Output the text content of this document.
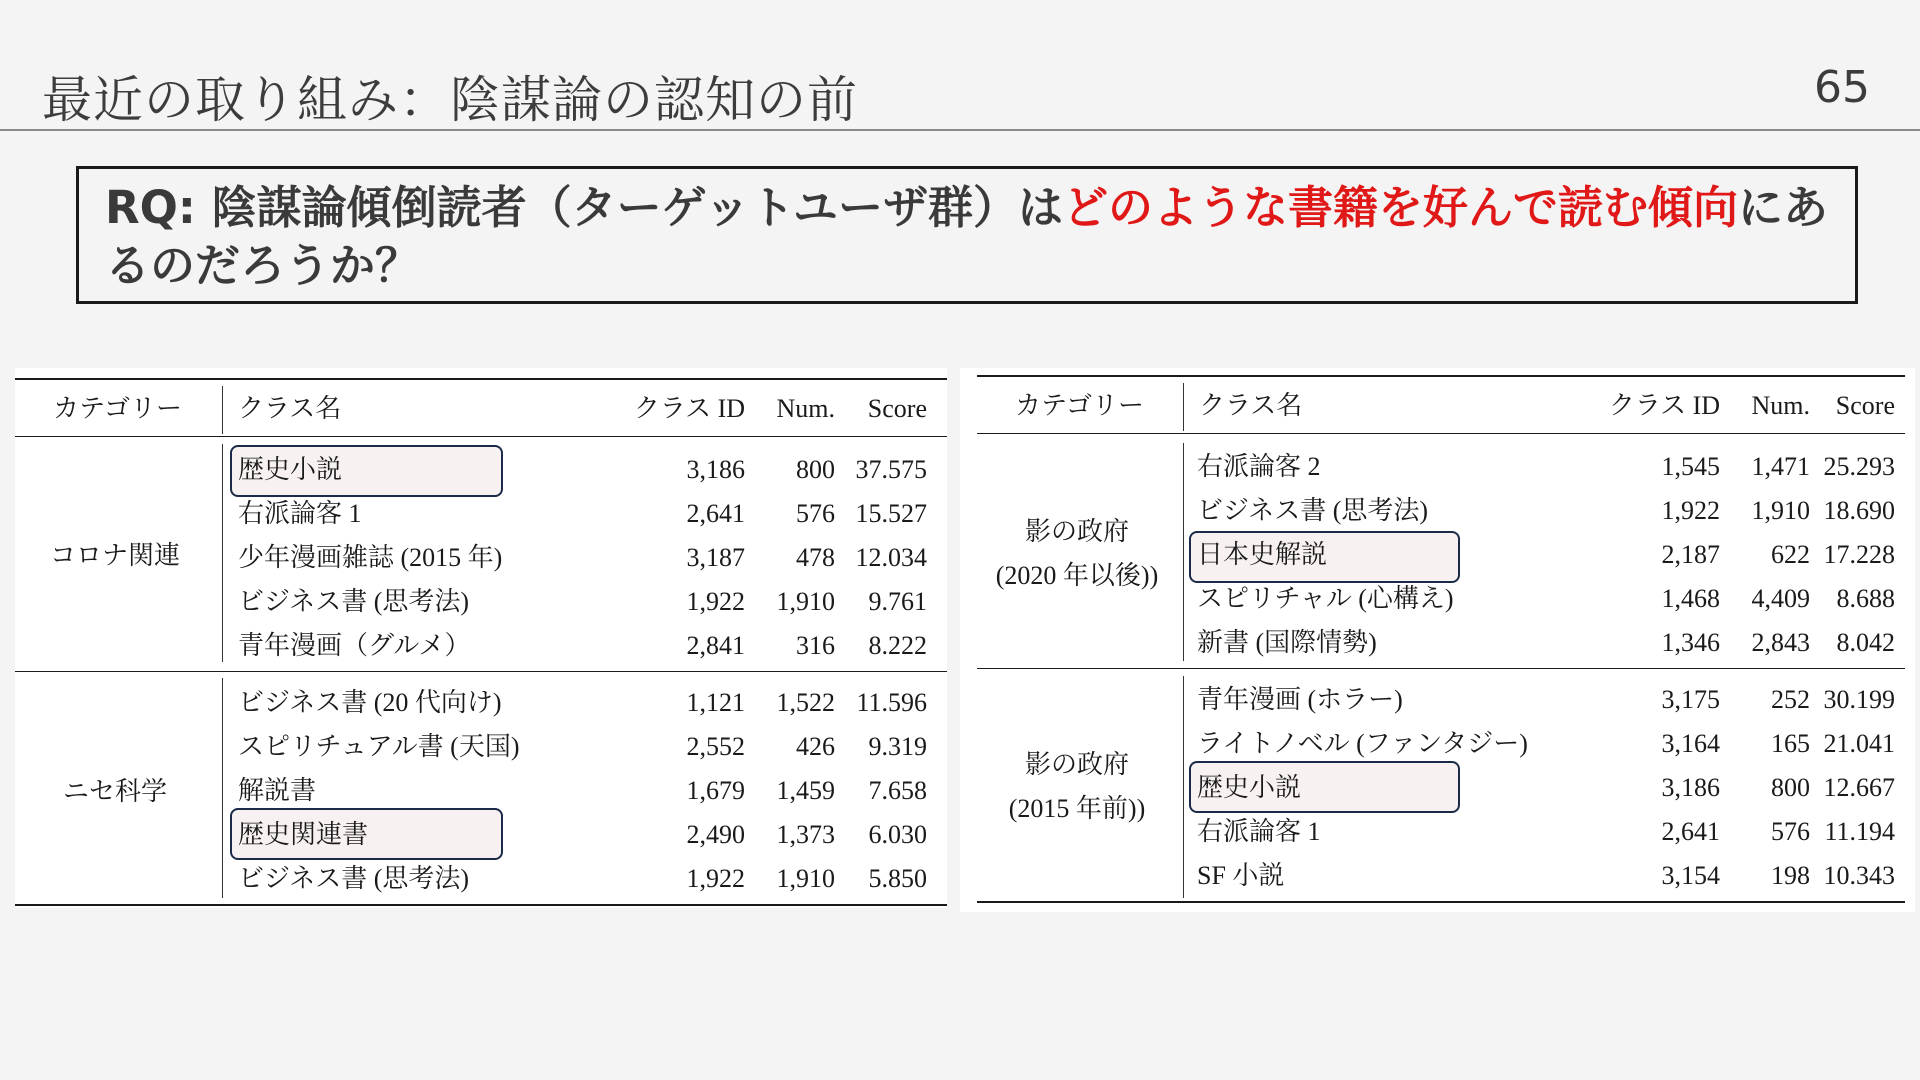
最近の取り組み：陰謀論の認知の前	65
RQ: 陰謀論傾倒読者（ターゲットユーザ群）はどのような書籍を好んで読む傾向にあるのだろうか？
カテゴリー クラス名	クラス ID	Num.	Score
コロナ関連
歴史小説	3,186	800 37.575
右派論客 1	2,641	576 15.527
少年漫画雑誌 (2015 年)	3,187	478 12.034
ビジネス書 (思考法)	1,922	1,910	9.761
青年漫画（グルメ）	2,841	316	8.222
ニセ科学
ビジネス書 (20 代向け)	1,121	1,522 11.596
スピリチュアル書 (天国)	2,552	426	9.319
解説書	1,679	1,459	7.658
歴史関連書	2,490	1,373	6.030
ビジネス書 (思考法)	1,922	1,910	5.850
カテゴリー クラス名	クラス ID	Num. Score
影の政府
(2020 年以後))
右派論客 2	1,545	1,471 25.293
ビジネス書 (思考法)	1,922	1,910 18.690
日本史解説	2,187	622 17.228
スピリチャル (心構え)	1,468	4,409	8.688
新書 (国際情勢)	1,346	2,843	8.042
影の政府
(2015 年前))
青年漫画 (ホラー)	3,175	252 30.199
ライトノベル (ファンタジー)	3,164	165 21.041
歴史小説	3,186	800 12.667
右派論客 1	2,641	576 11.194
SF 小説	3,154	198 10.343
